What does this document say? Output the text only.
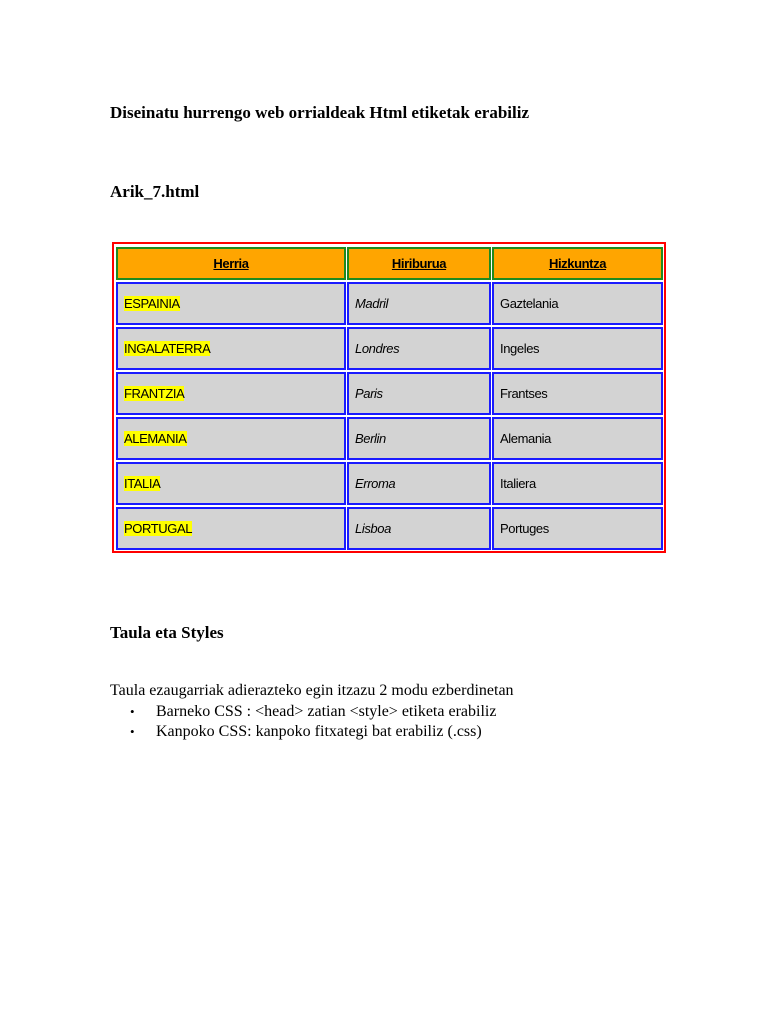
Diseinatu hurrengo web orrialdeak Html etiketak erabiliz

Arik_7.html

Herria	Hiriburua	Hizkuntza
ESPAINIA	Madril	Gaztelania
INGALATERRA	Londres	Ingeles
FRANTZIA	Paris	Frantses
ALEMANIA	Berlin	Alemania
ITALIA	Erroma	Italiera
PORTUGAL	Lisboa	Portuges

Taula eta Styles

Taula ezaugarriak adierazteko egin itzazu 2 modu ezberdinetan

• Barneko CSS : <head> zatian <style> etiketa erabiliz
• Kanpoko CSS: kanpoko fitxategi bat erabiliz (.css)
